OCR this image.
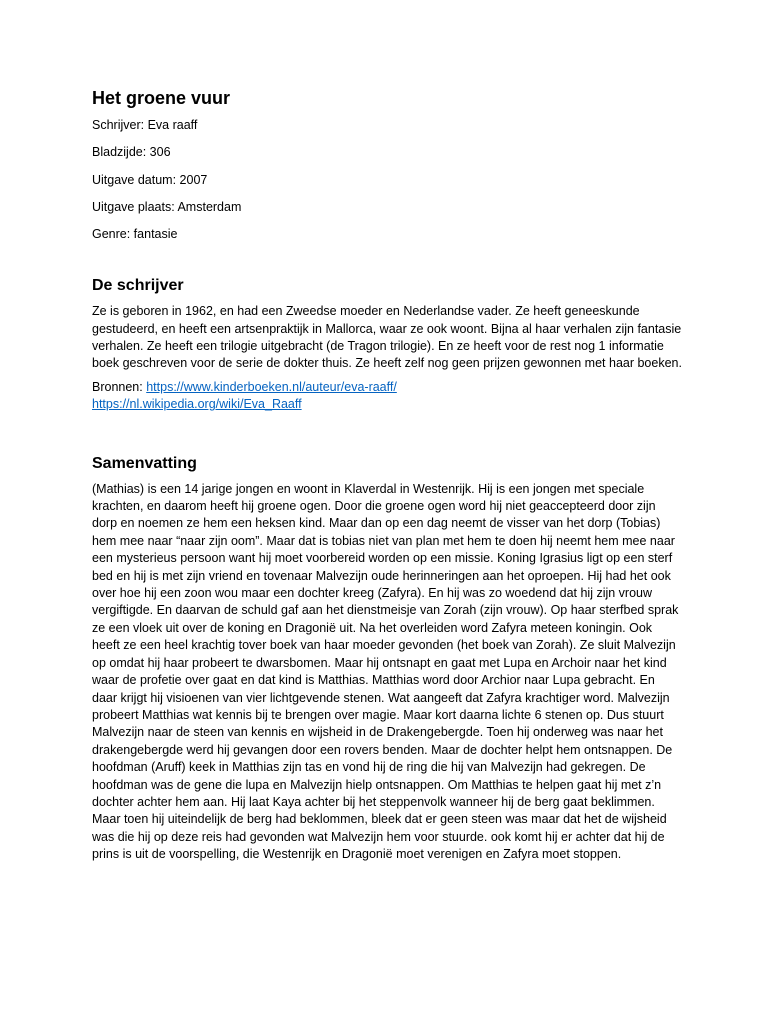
Het groene vuur
Schrijver: Eva raaff
Bladzijde: 306
Uitgave datum: 2007
Uitgave plaats: Amsterdam
Genre: fantasie
De schrijver

Ze is geboren in 1962, en had een Zweedse moeder en Nederlandse vader. Ze heeft geneeskunde gestudeerd, en heeft een artsenpraktijk in Mallorca, waar ze ook woont. Bijna al haar verhalen zijn fantasie verhalen. Ze heeft een trilogie uitgebracht (de Tragon trilogie). En ze heeft voor de rest nog 1 informatie boek geschreven voor de serie de dokter thuis. Ze heeft zelf nog geen prijzen gewonnen met haar boeken.

Bronnen: https://www.kinderboeken.nl/auteur/eva-raaff/
https://nl.wikipedia.org/wiki/Eva_Raaff
Samenvatting

(Mathias) is een 14 jarige jongen en woont in Klaverdal in Westenrijk. Hij is een jongen met speciale krachten, en daarom heeft hij groene ogen. Door die groene ogen word hij niet geaccepteerd door zijn dorp en noemen ze hem een heksen kind. Maar dan op een dag neemt de visser van het dorp (Tobias) hem mee naar “naar zijn oom”. Maar dat is tobias niet van plan met hem te doen hij neemt hem mee naar een mysterieus persoon want hij moet voorbereid worden op een missie. Koning Igrasius ligt op een sterf bed en hij is met zijn vriend en tovenaar Malvezijn oude herinneringen aan het oproepen. Hij had het ook over hoe hij een zoon wou maar een dochter kreeg (Zafyra). En hij was zo woedend dat hij zijn vrouw vergiftigde. En daarvan de schuld gaf aan het dienstmeisje van Zorah (zijn vrouw). Op haar sterfbed sprak ze een vloek uit over de koning en Dragonië uit. Na het overleiden word Zafyra meteen koningin. Ook heeft ze een heel krachtig tover boek van haar moeder gevonden (het boek van Zorah). Ze sluit Malvezijn op omdat hij haar probeert te dwarsbomen. Maar hij ontsnapt en gaat met Lupa en Archoir naar het kind waar de profetie over gaat en dat kind is Matthias. Matthias word door Archior naar Lupa gebracht. En daar krijgt hij visioenen van vier lichtgevende stenen. Wat aangeeft dat Zafyra krachtiger word. Malvezijn probeert Matthias wat kennis bij te brengen over magie. Maar kort daarna lichte 6 stenen op. Dus stuurt Malvezijn naar de steen van kennis en wijsheid in de Drakengebergde. Toen hij onderweg was naar het drakengebergde werd hij gevangen door een rovers benden. Maar de dochter helpt hem ontsnappen. De hoofdman (Aruff) keek in Matthias zijn tas en vond hij de ring die hij van Malvezijn had gekregen. De hoofdman was de gene die lupa en Malvezijn hielp ontsnappen. Om Matthias te helpen gaat hij met z’n dochter achter hem aan. Hij laat Kaya achter bij het steppenvolk wanneer hij de berg gaat beklimmen. Maar toen hij uiteindelijk de berg had beklommen, bleek dat er geen steen was maar dat het de wijsheid was die hij op deze reis had gevonden wat Malvezijn hem voor stuurde. ook komt hij er achter dat hij de prins is uit de voorspelling, die Westenrijk en Dragonië moet verenigen en Zafyra moet stoppen.
